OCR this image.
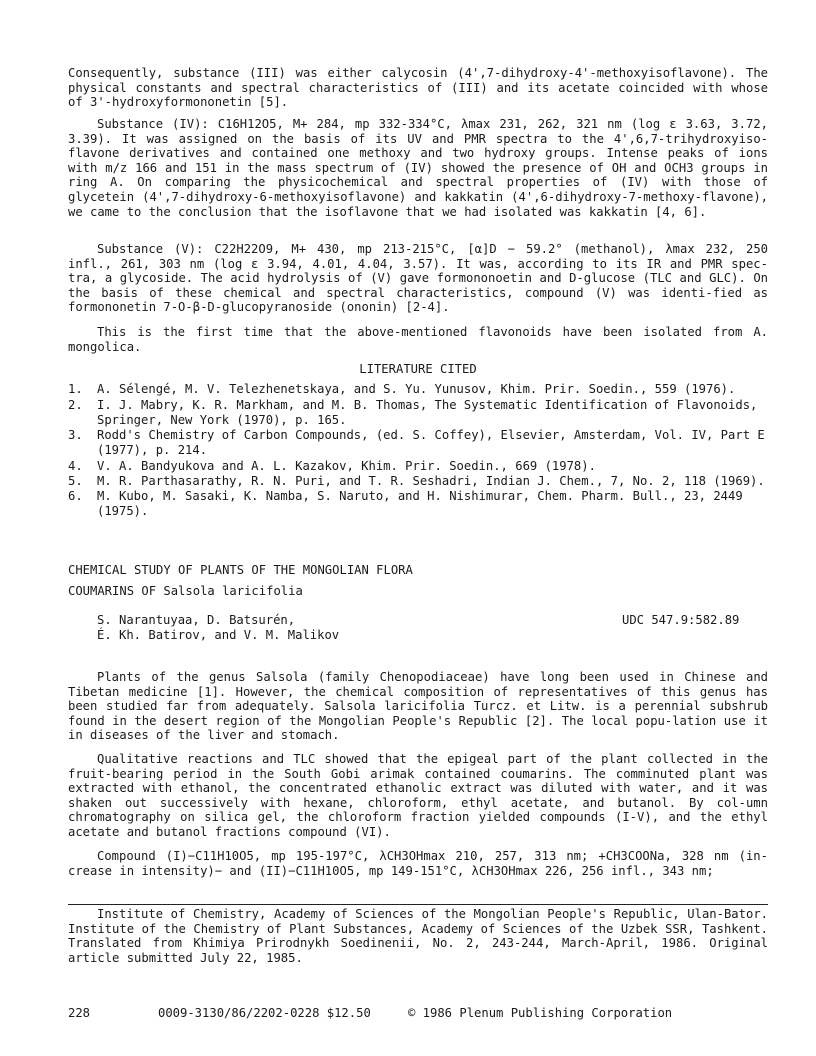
Consequently, substance (III) was either calycosin (4',7-dihydroxy-4'-methoxyisoflavone). The physical constants and spectral characteristics of (III) and its acetate coincided with whose of 3'-hydroxyformononetin [5].

Substance (IV): C16H12O5, M+ 284, mp 332-334°C, λmax 231, 262, 321 nm (log ε 3.63, 3.72, 3.39). It was assigned on the basis of its UV and PMR spectra to the 4',6,7-trihydroxyiso-flavone derivatives and contained one methoxy and two hydroxy groups. Intense peaks of ions with m/z 166 and 151 in the mass spectrum of (IV) showed the presence of OH and OCH3 groups in ring A. On comparing the physicochemical and spectral properties of (IV) with those of glycetein (4',7-dihydroxy-6-methoxyisoflavone) and kakkatin (4',6-dihydroxy-7-methoxy-flavone), we came to the conclusion that the isoflavone that we had isolated was kakkatin [4, 6].

Substance (V): C22H22O9, M+ 430, mp 213-215°C, [α]D − 59.2° (methanol), λmax 232, 250 infl., 261, 303 nm (log ε 3.94, 4.01, 4.04, 3.57). It was, according to its IR and PMR spec-tra, a glycoside. The acid hydrolysis of (V) gave formononoetin and D-glucose (TLC and GLC). On the basis of these chemical and spectral characteristics, compound (V) was identi-fied as formononetin 7-O-β-D-glucopyranoside (ononin) [2-4].

This is the first time that the above-mentioned flavonoids have been isolated from A. mongolica.

LITERATURE CITED
1.	A. Sélengé, M. V. Telezhenetskaya, and S. Yu. Yunusov, Khim. Prir. Soedin., 559 (1976).
2.	I. J. Mabry, K. R. Markham, and M. B. Thomas, The Systematic Identification of Flavonoids, Springer, New York (1970), p. 165.
3.	Rodd's Chemistry of Carbon Compounds, (ed. S. Coffey), Elsevier, Amsterdam, Vol. IV, Part E (1977), p. 214.
4.	V. A. Bandyukova and A. L. Kazakov, Khim. Prir. Soedin., 669 (1978).
5.	M. R. Parthasarathy, R. N. Puri, and T. R. Seshadri, Indian J. Chem., 7, No. 2, 118 (1969).
6.	M. Kubo, M. Sasaki, K. Namba, S. Naruto, and H. Nishimurar, Chem. Pharm. Bull., 23, 2449 (1975).
CHEMICAL STUDY OF PLANTS OF THE MONGOLIAN FLORA
COUMARINS OF Salsola laricifolia
S. Narantuyaa, D. Batsurén,
É. Kh. Batirov, and V. M. Malikov
UDC 547.9:582.89

Plants of the genus Salsola (family Chenopodiaceae) have long been used in Chinese and Tibetan medicine [1]. However, the chemical composition of representatives of this genus has been studied far from adequately. Salsola laricifolia Turcz. et Litw. is a perennial subshrub found in the desert region of the Mongolian People's Republic [2]. The local popu-lation use it in diseases of the liver and stomach.

Qualitative reactions and TLC showed that the epigeal part of the plant collected in the fruit-bearing period in the South Gobi arimak contained coumarins. The comminuted plant was extracted with ethanol, the concentrated ethanolic extract was diluted with water, and it was shaken out successively with hexane, chloroform, ethyl acetate, and butanol. By col-umn chromatography on silica gel, the chloroform fraction yielded compounds (I-V), and the ethyl acetate and butanol fractions compound (VI).

Compound (I)−C11H10O5, mp 195-197°C, λCH3OHmax 210, 257, 313 nm; +CH3COONa, 328 nm (in-crease in intensity)− and (II)−C11H10O5, mp 149-151°C, λCH3OHmax 226, 256 infl., 343 nm;

Institute of Chemistry, Academy of Sciences of the Mongolian People's Republic, Ulan-Bator. Institute of the Chemistry of Plant Substances, Academy of Sciences of the Uzbek SSR, Tashkent. Translated from Khimiya Prirodnykh Soedinenii, No. 2, 243-244, March-April, 1986. Original article submitted July 22, 1985.

228	0009-3130/86/2202-0228 $12.50	© 1986 Plenum Publishing Corporation
